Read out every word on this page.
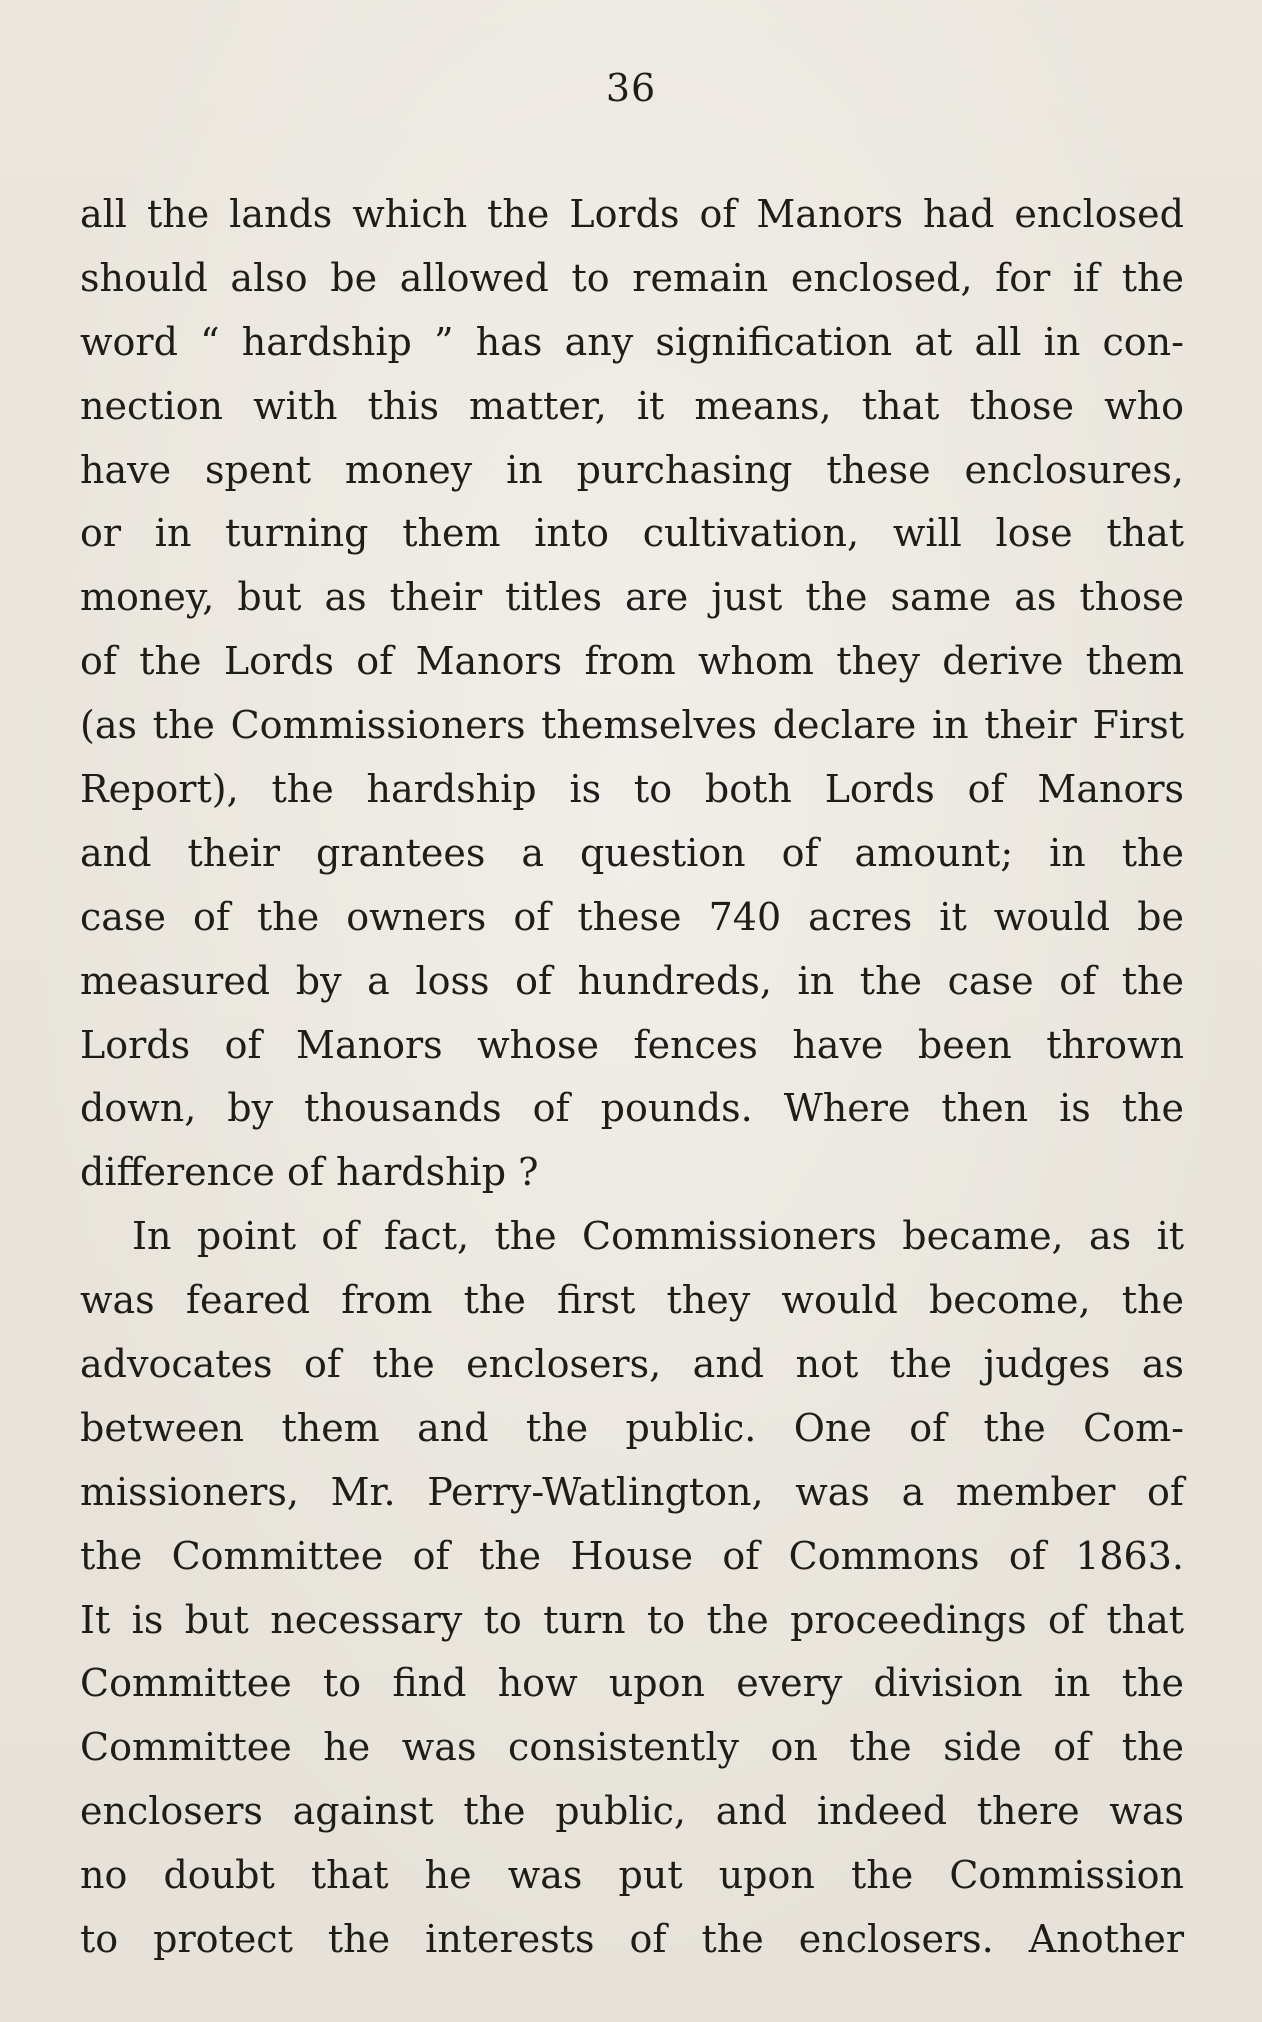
36
all the lands which the Lords of Manors had enclosed
should also be allowed to remain enclosed, for if the
word “ hardship ” has any signification at all in con-
nection with this matter, it means, that those who
have spent money in purchasing these enclosures,
or in turning them into cultivation, will lose that
money, but as their titles are just the same as those
of the Lords of Manors from whom they derive them
(as the Commissioners themselves declare in their First
Report), the hardship is to both Lords of Manors
and their grantees a question of amount; in the
case of the owners of these 740 acres it would be
measured by a loss of hundreds, in the case of the
Lords of Manors whose fences have been thrown
down, by thousands of pounds. Where then is the
difference of hardship ?
In point of fact, the Commissioners became, as it
was feared from the first they would become, the
advocates of the enclosers, and not the judges as
between them and the public. One of the Com-
missioners, Mr. Perry-Watlington, was a member of
the Committee of the House of Commons of 1863.
It is but necessary to turn to the proceedings of that
Committee to find how upon every division in the
Committee he was consistently on the side of the
enclosers against the public, and indeed there was
no doubt that he was put upon the Commission
to protect the interests of the enclosers. Another
